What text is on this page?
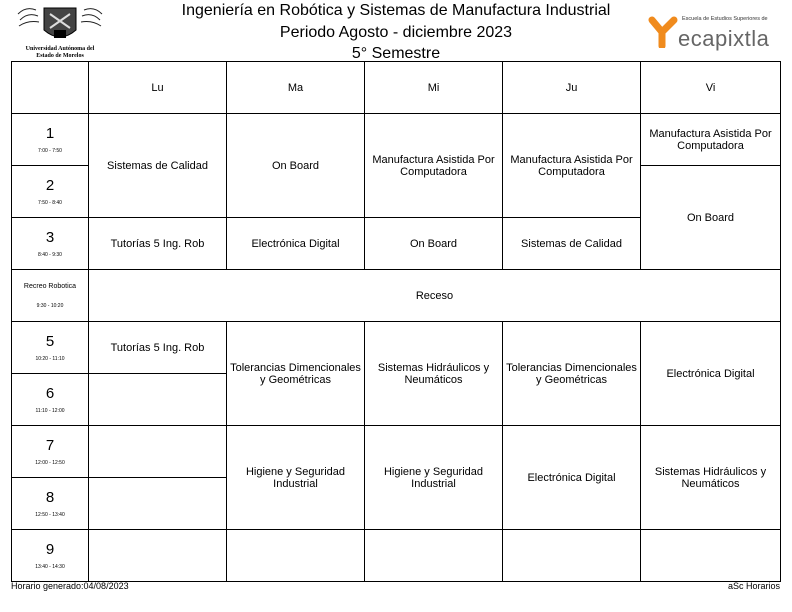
Ingeniería en Robótica y Sistemas de Manufactura Industrial
Periodo Agosto - diciembre 2023
5° Semestre
Universidad Autónoma del
Estado de Morelos
Escuela de Estudios Superiores de
ecapixtla
	Lu	Ma	Mi	Ju	Vi

1
7:00 - 7:50	Sistemas de Calidad	On Board	Manufactura Asistida Por Computadora	Manufactura Asistida Por Computadora	Manufactura Asistida Por Computadora

2
7:50 - 8:40					On Board

3
8:40 - 9:30	Tutorías 5 Ing. Rob	Electrónica Digital	On Board	Sistemas de Calidad	

Recreo Robotica
9:30 - 10:20	Receso				

5
10:20 - 11:10	Tutorías 5 Ing. Rob	Tolerancias Dimencionales y Geométricas	Sistemas Hidráulicos y Neumáticos	Tolerancias Dimencionales y Geométricas	Electrónica Digital

6
11:10 - 12:00					

7
12:00 - 12:50		Higiene y Seguridad Industrial	Higiene y Seguridad Industrial	Electrónica Digital	Sistemas Hidráulicos y Neumáticos

8
12:50 - 13:40					

9
13:40 - 14:30					

Horario generado:04/08/2023	aSc Horarios
